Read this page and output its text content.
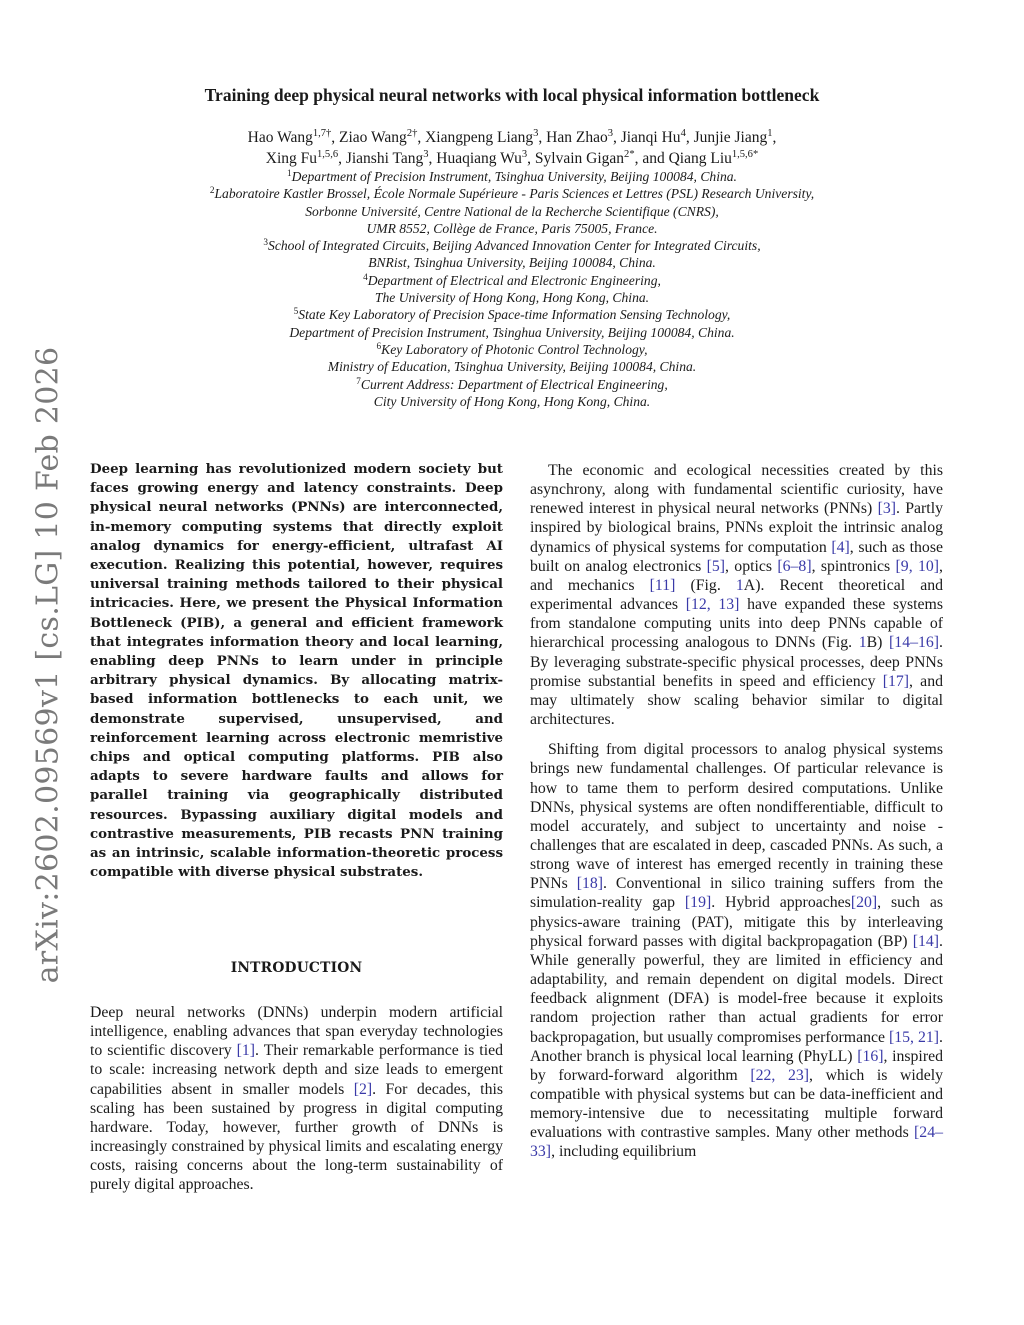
arXiv:2602.09569v1 [cs.LG] 10 Feb 2026
Training deep physical neural networks with local physical information bottleneck
Hao Wang$^{1,7\dagger}$, Ziao Wang$^{2\dagger}$, Xiangpeng Liang$^3$, Han Zhao$^3$, Jianqi Hu$^4$, Junjie Jiang$^1$,
Xing Fu$^{1,5,6}$, Jianshi Tang$^3$, Huaqiang Wu$^3$, Sylvain Gigan$^{2*}$, and Qiang Liu$^{1,5,6*}$
$^1$Department of Precision Instrument, Tsinghua University, Beijing 100084, China.
$^2$Laboratoire Kastler Brossel, École Normale Supérieure - Paris Sciences et Lettres (PSL) Research University,
Sorbonne Université, Centre National de la Recherche Scientifique (CNRS),
UMR 8552, Collège de France, Paris 75005, France.
$^3$School of Integrated Circuits, Beijing Advanced Innovation Center for Integrated Circuits,
BNRist, Tsinghua University, Beijing 100084, China.
$^4$Department of Electrical and Electronic Engineering,
The University of Hong Kong, Hong Kong, China.
$^5$State Key Laboratory of Precision Space-time Information Sensing Technology,
Department of Precision Instrument, Tsinghua University, Beijing 100084, China.
$^6$Key Laboratory of Photonic Control Technology,
Ministry of Education, Tsinghua University, Beijing 100084, China.
$^7$Current Address: Department of Electrical Engineering,
City University of Hong Kong, Hong Kong, China.
Deep learning has revolutionized modern society but faces growing energy and latency constraints. Deep physical neural networks (PNNs) are interconnected, in-memory computing systems that directly exploit analog dynamics for energy-efficient, ultrafast AI execution. Realizing this potential, however, requires universal training methods tailored to their physical intricacies. Here, we present the Physical Information Bottleneck (PIB), a general and efficient framework that integrates information theory and local learning, enabling deep PNNs to learn under in principle arbitrary physical dynamics. By allocating matrix-based information bottlenecks to each unit, we demonstrate supervised, unsupervised, and reinforcement learning across electronic memristive chips and optical computing platforms. PIB also adapts to severe hardware faults and allows for parallel training via geographically distributed resources. Bypassing auxiliary digital models and contrastive measurements, PIB recasts PNN training as an intrinsic, scalable information-theoretic process compatible with diverse physical substrates.
INTRODUCTION

Deep neural networks (DNNs) underpin modern artificial intelligence, enabling advances that span everyday technologies to scientific discovery [1]. Their remarkable performance is tied to scale: increasing network depth and size leads to emergent capabilities absent in smaller models [2]. For decades, this scaling has been sustained by progress in digital computing hardware. Today, however, further growth of DNNs is increasingly constrained by physical limits and escalating energy costs, raising concerns about the long-term sustainability of purely digital approaches.

The economic and ecological necessities created by this asynchrony, along with fundamental scientific curiosity, have renewed interest in physical neural networks (PNNs) [3]. Partly inspired by biological brains, PNNs exploit the intrinsic analog dynamics of physical systems for computation [4], such as those built on analog electronics [5], optics [6–8], spintronics [9, 10], and mechanics [11] (Fig. 1A). Recent theoretical and experimental advances [12, 13] have expanded these systems from standalone computing units into deep PNNs capable of hierarchical processing analogous to DNNs (Fig. 1B) [14–16]. By leveraging substrate-specific physical processes, deep PNNs promise substantial benefits in speed and efficiency [17], and may ultimately show scaling behavior similar to digital architectures.

Shifting from digital processors to analog physical systems brings new fundamental challenges. Of particular relevance is how to tame them to perform desired computations. Unlike DNNs, physical systems are often nondifferentiable, difficult to model accurately, and subject to uncertainty and noise - challenges that are escalated in deep, cascaded PNNs. As such, a strong wave of interest has emerged recently in training these PNNs [18]. Conventional in silico training suffers from the simulation-reality gap [19]. Hybrid approaches[20], such as physics-aware training (PAT), mitigate this by interleaving physical forward passes with digital backpropagation (BP) [14]. While generally powerful, they are limited in efficiency and adaptability, and remain dependent on digital models. Direct feedback alignment (DFA) is model-free because it exploits random projection rather than actual gradients for error backpropagation, but usually compromises performance [15, 21]. Another branch is physical local learning (PhyLL) [16], inspired by forward-forward algorithm [22, 23], which is widely compatible with physical systems but can be data-inefficient and memory-intensive due to necessitating multiple forward evaluations with contrastive samples. Many other methods [24–33], including equilibrium
